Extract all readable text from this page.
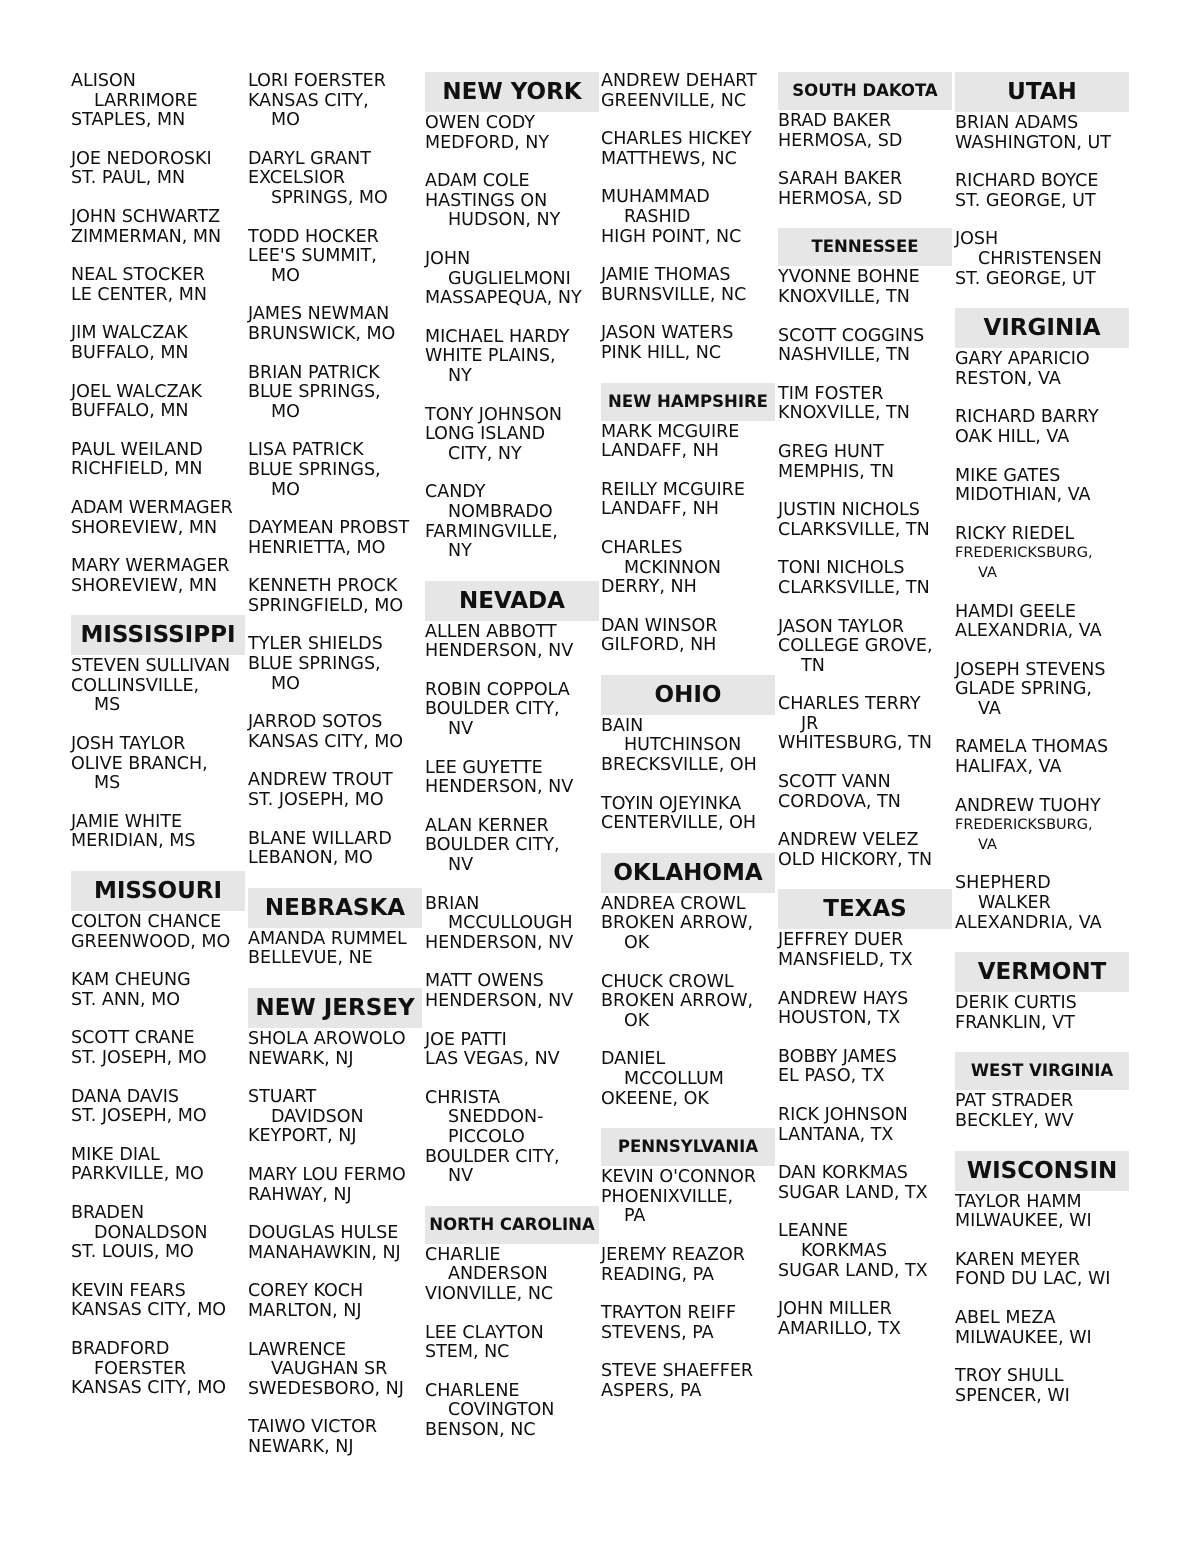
ALISON
LARRIMORE
STAPLES, MN
JOE NEDOROSKI
ST. PAUL, MN
JOHN SCHWARTZ
ZIMMERMAN, MN
NEAL STOCKER
LE CENTER, MN
JIM WALCZAK
BUFFALO, MN
JOEL WALCZAK
BUFFALO, MN
PAUL WEILAND
RICHFIELD, MN
ADAM WERMAGER
SHOREVIEW, MN
MARY WERMAGER
SHOREVIEW, MN
MISSISSIPPI
STEVEN SULLIVAN
COLLINSVILLE,
MS
JOSH TAYLOR
OLIVE BRANCH,
MS
JAMIE WHITE
MERIDIAN, MS
MISSOURI
COLTON CHANCE
GREENWOOD, MO
KAM CHEUNG
ST. ANN, MO
SCOTT CRANE
ST. JOSEPH, MO
DANA DAVIS
ST. JOSEPH, MO
MIKE DIAL
PARKVILLE, MO
BRADEN
DONALDSON
ST. LOUIS, MO
KEVIN FEARS
KANSAS CITY, MO
BRADFORD
FOERSTER
KANSAS CITY, MO
LORI FOERSTER
KANSAS CITY,
MO
DARYL GRANT
EXCELSIOR
SPRINGS, MO
TODD HOCKER
LEE'S SUMMIT,
MO
JAMES NEWMAN
BRUNSWICK, MO
BRIAN PATRICK
BLUE SPRINGS,
MO
LISA PATRICK
BLUE SPRINGS,
MO
DAYMEAN PROBST
HENRIETTA, MO
KENNETH PROCK
SPRINGFIELD, MO
TYLER SHIELDS
BLUE SPRINGS,
MO
JARROD SOTOS
KANSAS CITY, MO
ANDREW TROUT
ST. JOSEPH, MO
BLANE WILLARD
LEBANON, MO
NEBRASKA
AMANDA RUMMEL
BELLEVUE, NE
NEW JERSEY
SHOLA AROWOLO
NEWARK, NJ
STUART
DAVIDSON
KEYPORT, NJ
MARY LOU FERMO
RAHWAY, NJ
DOUGLAS HULSE
MANAHAWKIN, NJ
COREY KOCH
MARLTON, NJ
LAWRENCE
VAUGHAN SR
SWEDESBORO, NJ
TAIWO VICTOR
NEWARK, NJ
NEW YORK
OWEN CODY
MEDFORD, NY
ADAM COLE
HASTINGS ON
HUDSON, NY
JOHN
GUGLIELMONI
MASSAPEQUA, NY
MICHAEL HARDY
WHITE PLAINS,
NY
TONY JOHNSON
LONG ISLAND
CITY, NY
CANDY
NOMBRADO
FARMINGVILLE,
NY
NEVADA
ALLEN ABBOTT
HENDERSON, NV
ROBIN COPPOLA
BOULDER CITY,
NV
LEE GUYETTE
HENDERSON, NV
ALAN KERNER
BOULDER CITY,
NV
BRIAN
MCCULLOUGH
HENDERSON, NV
MATT OWENS
HENDERSON, NV
JOE PATTI
LAS VEGAS, NV
CHRISTA
SNEDDON-
PICCOLO
BOULDER CITY,
NV
NORTH CAROLINA
CHARLIE
ANDERSON
VIONVILLE, NC
LEE CLAYTON
STEM, NC
CHARLENE
COVINGTON
BENSON, NC
ANDREW DEHART
GREENVILLE, NC
CHARLES HICKEY
MATTHEWS, NC
MUHAMMAD
RASHID
HIGH POINT, NC
JAMIE THOMAS
BURNSVILLE, NC
JASON WATERS
PINK HILL, NC
NEW HAMPSHIRE
MARK MCGUIRE
LANDAFF, NH
REILLY MCGUIRE
LANDAFF, NH
CHARLES
MCKINNON
DERRY, NH
DAN WINSOR
GILFORD, NH
OHIO
BAIN
HUTCHINSON
BRECKSVILLE, OH
TOYIN OJEYINKA
CENTERVILLE, OH
OKLAHOMA
ANDREA CROWL
BROKEN ARROW,
OK
CHUCK CROWL
BROKEN ARROW,
OK
DANIEL
MCCOLLUM
OKEENE, OK
PENNSYLVANIA
KEVIN O'CONNOR
PHOENIXVILLE,
PA
JEREMY REAZOR
READING, PA
TRAYTON REIFF
STEVENS, PA
STEVE SHAEFFER
ASPERS, PA
SOUTH DAKOTA
BRAD BAKER
HERMOSA, SD
SARAH BAKER
HERMOSA, SD
TENNESSEE
YVONNE BOHNE
KNOXVILLE, TN
SCOTT COGGINS
NASHVILLE, TN
TIM FOSTER
KNOXVILLE, TN
GREG HUNT
MEMPHIS, TN
JUSTIN NICHOLS
CLARKSVILLE, TN
TONI NICHOLS
CLARKSVILLE, TN
JASON TAYLOR
COLLEGE GROVE,
TN
CHARLES TERRY
JR
WHITESBURG, TN
SCOTT VANN
CORDOVA, TN
ANDREW VELEZ
OLD HICKORY, TN
TEXAS
JEFFREY DUER
MANSFIELD, TX
ANDREW HAYS
HOUSTON, TX
BOBBY JAMES
EL PASO, TX
RICK JOHNSON
LANTANA, TX
DAN KORKMAS
SUGAR LAND, TX
LEANNE
KORKMAS
SUGAR LAND, TX
JOHN MILLER
AMARILLO, TX
UTAH
BRIAN ADAMS
WASHINGTON, UT
RICHARD BOYCE
ST. GEORGE, UT
JOSH
CHRISTENSEN
ST. GEORGE, UT
VIRGINIA
GARY APARICIO
RESTON, VA
RICHARD BARRY
OAK HILL, VA
MIKE GATES
MIDOTHIAN, VA
RICKY RIEDEL
FREDERICKSBURG,
VA
HAMDI GEELE
ALEXANDRIA, VA
JOSEPH STEVENS
GLADE SPRING,
VA
RAMELA THOMAS
HALIFAX, VA
ANDREW TUOHY
FREDERICKSBURG,
VA
SHEPHERD
WALKER
ALEXANDRIA, VA
VERMONT
DERIK CURTIS
FRANKLIN, VT
WEST VIRGINIA
PAT STRADER
BECKLEY, WV
WISCONSIN
TAYLOR HAMM
MILWAUKEE, WI
KAREN MEYER
FOND DU LAC, WI
ABEL MEZA
MILWAUKEE, WI
TROY SHULL
SPENCER, WI
